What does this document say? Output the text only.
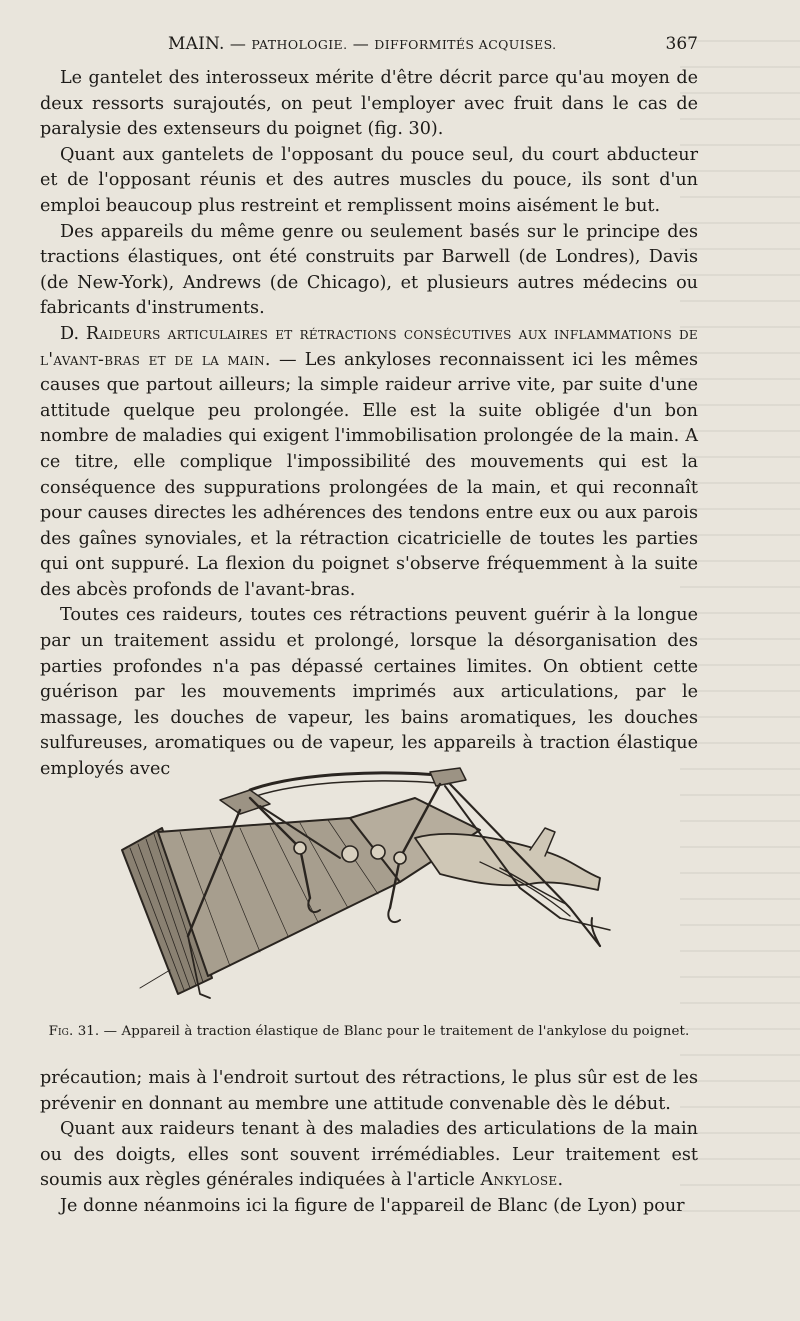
MAIN. — PATHOLOGIE. — DIFFORMITÉS ACQUISES.	367

Le gantelet des interosseux mérite d'être décrit parce qu'au moyen de deux ressorts surajoutés, on peut l'employer avec fruit dans le cas de paralysie des extenseurs du poignet (fig. 30).

Quant aux gantelets de l'opposant du pouce seul, du court abducteur et de l'opposant réunis et des autres muscles du pouce, ils sont d'un emploi beaucoup plus restreint et remplissent moins aisément le but.

Des appareils du même genre ou seulement basés sur le principe des tractions élastiques, ont été construits par Barwell (de Londres), Davis (de New-York), Andrews (de Chicago), et plusieurs autres médecins ou fabricants d'instruments.

D. Raideurs articulaires et rétractions consécutives aux inflammations de l'avant-bras et de la main. — Les ankyloses reconnaissent ici les mêmes causes que partout ailleurs; la simple raideur arrive vite, par suite d'une attitude quelque peu prolongée. Elle est la suite obligée d'un bon nombre de maladies qui exigent l'immobilisation prolongée de la main. A ce titre, elle complique l'impossibilité des mouvements qui est la conséquence des suppurations prolongées de la main, et qui reconnaît pour causes directes les adhérences des tendons entre eux ou aux parois des gaînes synoviales, et la rétraction cicatricielle de toutes les parties qui ont suppuré. La flexion du poignet s'observe fréquemment à la suite des abcès profonds de l'avant-bras.

Toutes ces raideurs, toutes ces rétractions peuvent guérir à la longue par un traitement assidu et prolongé, lorsque la désorganisation des parties profondes n'a pas dépassé certaines limites. On obtient cette guérison par les mouvements imprimés aux articulations, par le massage, les douches de vapeur, les bains aromatiques, les douches sulfureuses, aromatiques ou de vapeur, les appareils à traction élastique employés avec

Fig. 31. — Appareil à traction élastique de Blanc pour le traitement de l'ankylose du poignet.

précaution; mais à l'endroit surtout des rétractions, le plus sûr est de les prévenir en donnant au membre une attitude convenable dès le début.

Quant aux raideurs tenant à des maladies des articulations de la main ou des doigts, elles sont souvent irrémédiables. Leur traitement est soumis aux règles générales indiquées à l'article Ankylose.

Je donne néanmoins ici la figure de l'appareil de Blanc (de Lyon) pour
